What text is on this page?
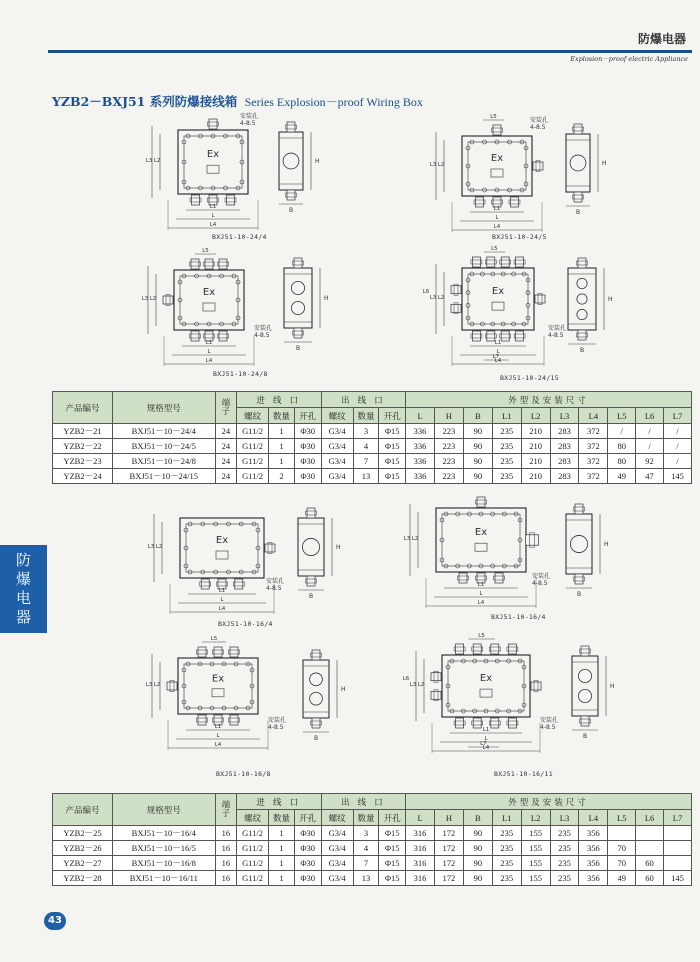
防爆电器
Explosion－proof electric Appliance
YZB2－BXJ51 系列防爆接线箱 Series Explosion－proof Wiring Box
防
爆
电
器
Ex
L1
L
L4
L2
L3	H
B
安装孔
4-8.5
Ex
L1
L
L4
L2
L3
L5
H
B
安装孔
4-8.5
Ex
L1
L
L4
L2
L3
L5
H
B
安装孔
4-8.5
Ex
L1
L
L4
L2
L3
L5
L7
L6
H
B
安装孔
4-8.5
Ex
L1
L
L4
L2
L3	H
B
安装孔
4-8.5
Ex
L1
L
L4
L2
L3
H
B
安装孔
4-8.5
Ex
L1
L
L4
L2
L3
L5
H
B
安装孔
4-8.5
Ex
L1
L
L4
L2
L3
L5
L7
L6
H
B
安装孔
4-8.5
BXJ51-10-24/4	BXJ51-10-24/5
BXJ51-10-24/8	BXJ51-10-24/15
BXJ51-10-16/4
BXJ51-10-16/4
BXJ51-10-16/8	BXJ51-10-16/11
产品编号	规格型号	端子	进 线 口			出 线 口			外型及安装尺寸									
			螺纹	数量	开孔	螺纹	数量	开孔	L	H	B	L1	L2	L3	L4	L5	L6	L7
YZB2－21	BXJ51－10－24/4	24	G11/2	1	Φ30	G3/4	3	Φ15	336	223	90	235	210	283	372	/	/	/
YZB2－22	BXJ51－10－24/5	24	G11/2	1	Φ30	G3/4	4	Φ15	336	223	90	235	210	283	372	80	/	/
YZB2－23	BXJ51－10－24/8	24	G11/2	1	Φ30	G3/4	7	Φ15	336	223	90	235	210	283	372	80	92	/
YZB2－24	BXJ51－10－24/15	24	G11/2	2	Φ30	G3/4	13	Φ15	336	223	90	235	210	283	372	49	47	145
产品编号	规格型号	端子	进 线 口			出 线 口			外型及安装尺寸									
			螺纹	数量	开孔	螺纹	数量	开孔	L	H	B	L1	L2	L3	L4	L5	L6	L7
YZB2－25	BXJ51－10－16/4	16	G11/2	1	Φ30	G3/4	3	Φ15	316	172	90	235	155	235	356			
YZB2－26	BXJ51－10－16/5	16	G11/2	1	Φ30	G3/4	4	Φ15	316	172	90	235	155	235	356	70		
YZB2－27	BXJ51－10－16/8	16	G11/2	1	Φ30	G3/4	7	Φ15	316	172	90	235	155	235	356	70	60	
YZB2－28	BXJ51－10－16/11	16	G11/2	1	Φ30	G3/4	13	Φ15	316	172	90	235	155	235	356	49	60	145
43
